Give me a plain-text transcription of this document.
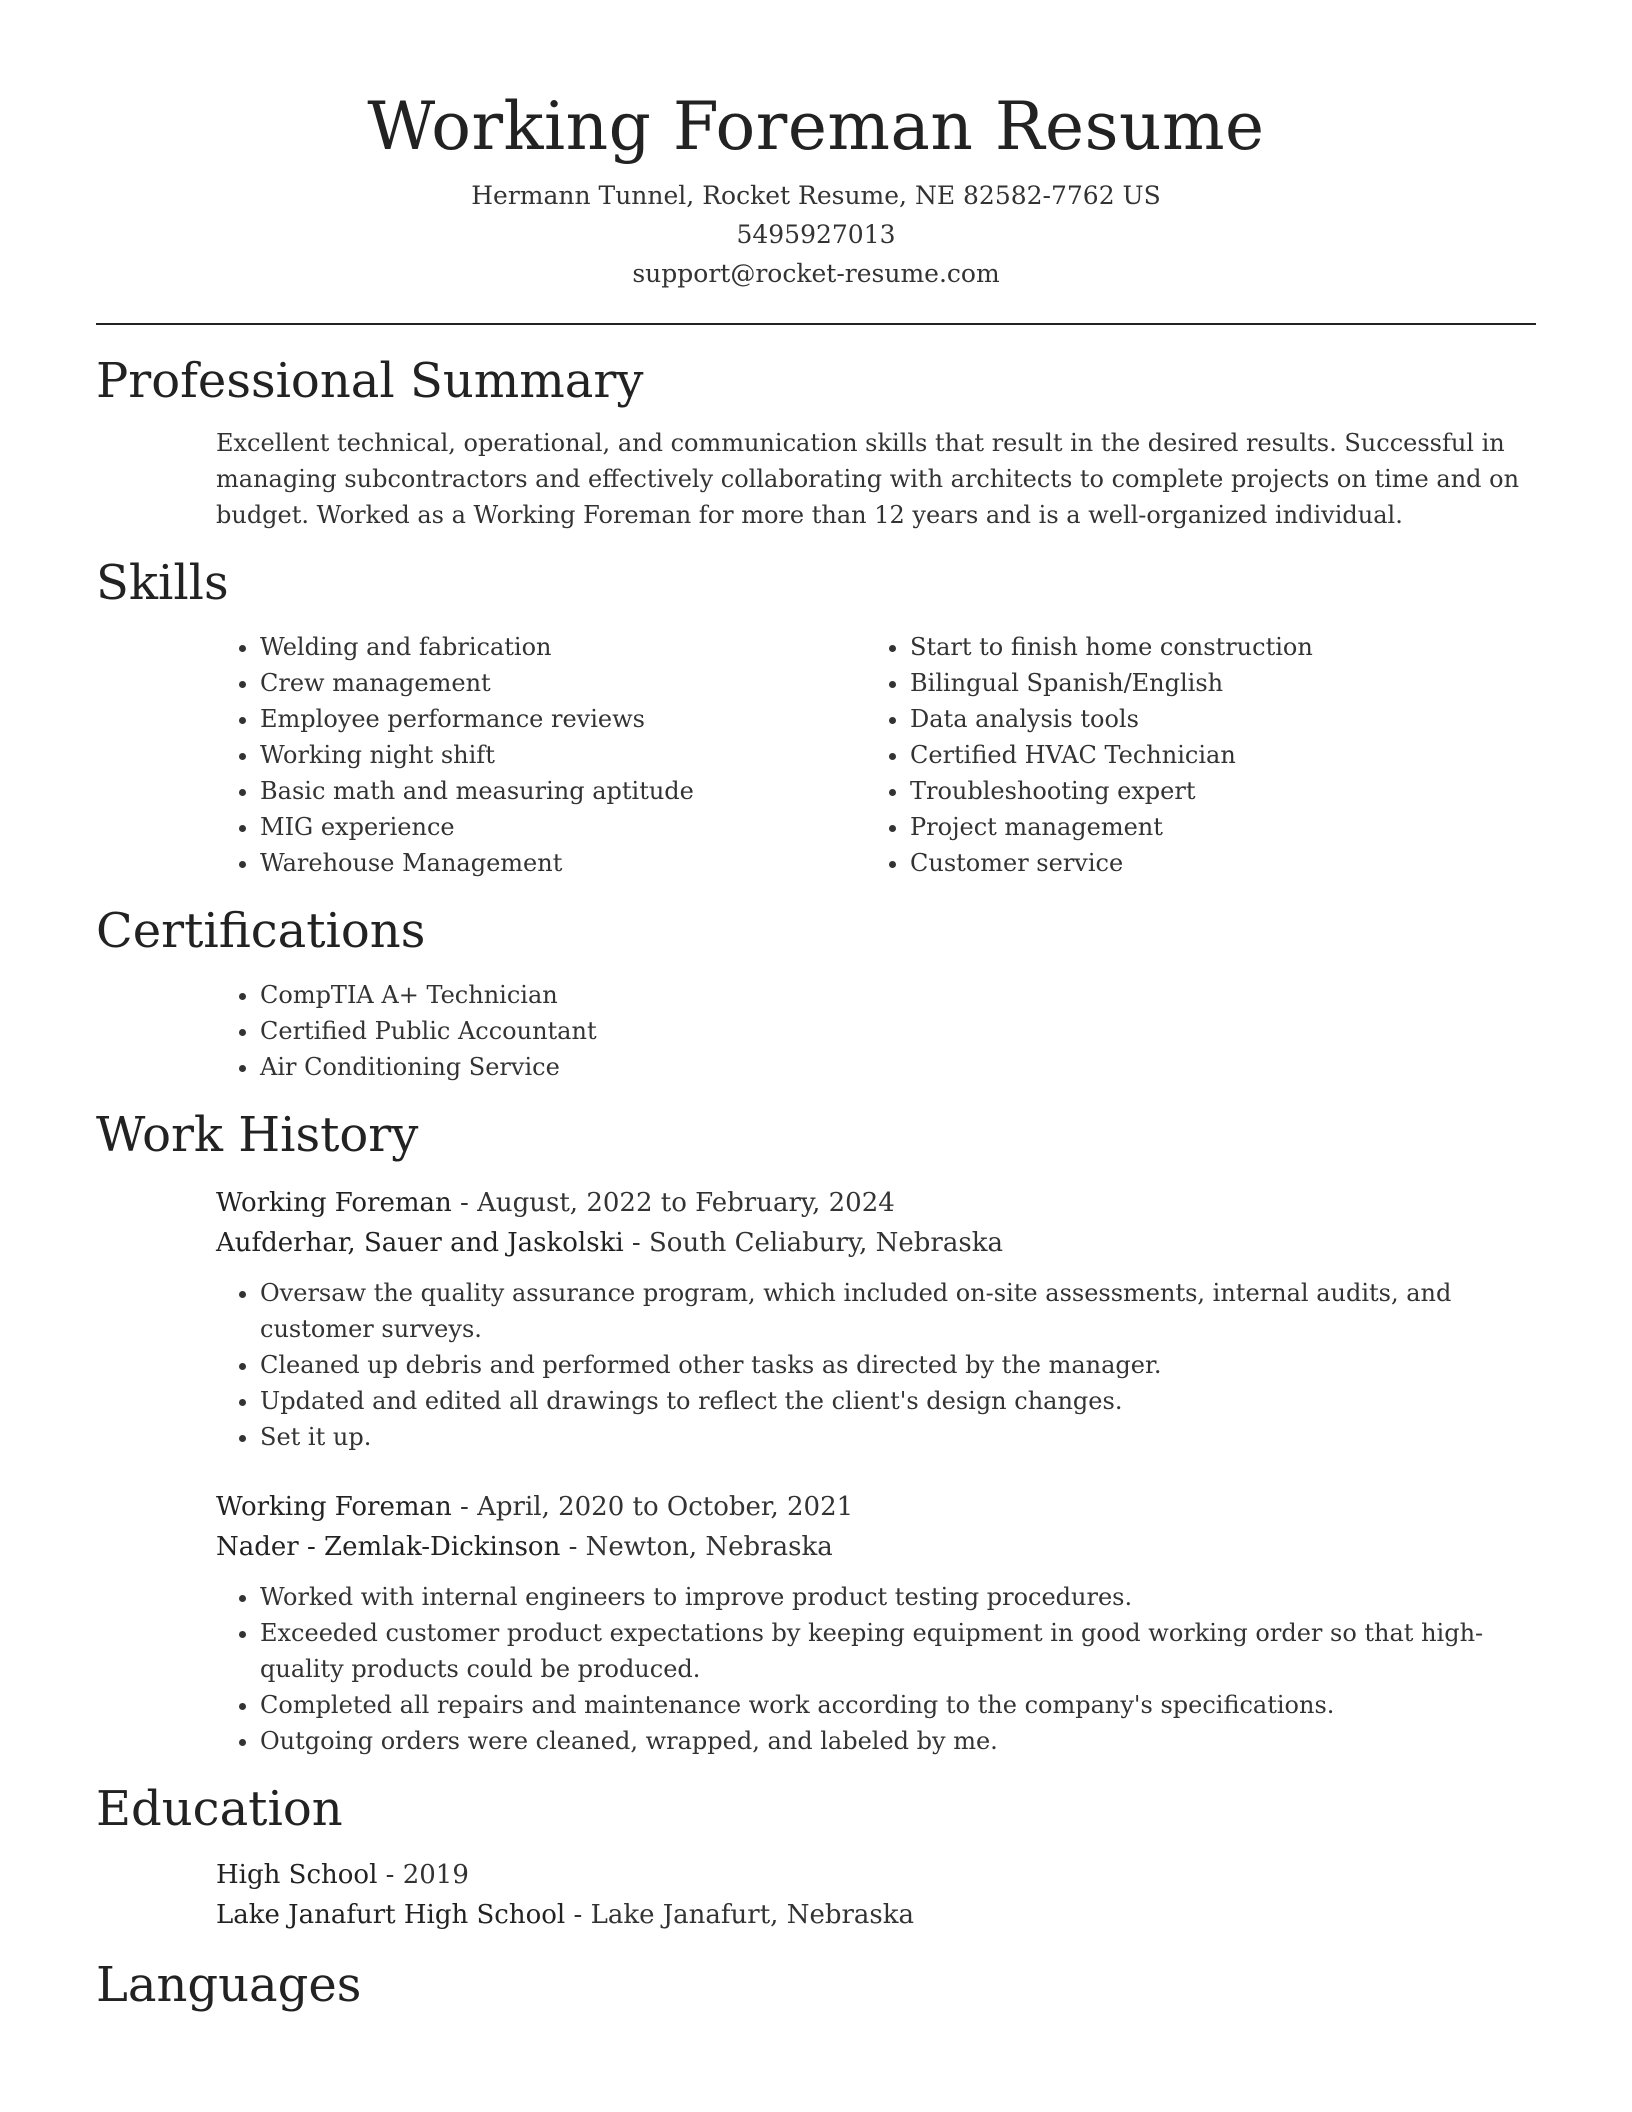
Working Foreman Resume
Hermann Tunnel, Rocket Resume, NE 82582-7762 US
5495927013
support@rocket-resume.com
Professional Summary
Excellent technical, operational, and communication skills that result in the desired results. Successful in managing subcontractors and effectively collaborating with architects to complete projects on time and on budget. Worked as a Working Foreman for more than 12 years and is a well-organized individual.
Skills
• Welding and fabrication
• Crew management
• Employee performance reviews
• Working night shift
• Basic math and measuring aptitude
• MIG experience
• Warehouse Management
• Start to finish home construction
• Bilingual Spanish/English
• Data analysis tools
• Certified HVAC Technician
• Troubleshooting expert
• Project management
• Customer service
Certifications
• CompTIA A+ Technician
• Certified Public Accountant
• Air Conditioning Service
Work History
Working Foreman - August, 2022 to February, 2024
Aufderhar, Sauer and Jaskolski - South Celiabury, Nebraska
• Oversaw the quality assurance program, which included on-site assessments, internal audits, and customer surveys.
• Cleaned up debris and performed other tasks as directed by the manager.
• Updated and edited all drawings to reflect the client's design changes.
• Set it up.
Working Foreman - April, 2020 to October, 2021
Nader - Zemlak-Dickinson - Newton, Nebraska
• Worked with internal engineers to improve product testing procedures.
• Exceeded customer product expectations by keeping equipment in good working order so that high-quality products could be produced.
• Completed all repairs and maintenance work according to the company's specifications.
• Outgoing orders were cleaned, wrapped, and labeled by me.
Education
High School - 2019
Lake Janafurt High School - Lake Janafurt, Nebraska
Languages
